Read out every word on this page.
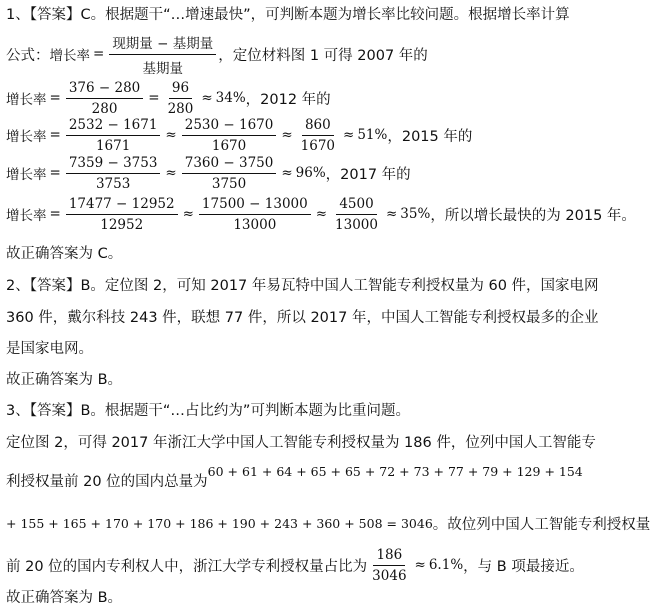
1、【答案】C。根据题干“…增速最快”，可判断本题为增长率比较问题。根据增长率计算
公式： 增长率 = $\frac{\text{现期量 − 基期量}}{\text{基期量}}$ ，定位材料图 1 可得 2007 年的
增长率 = $\frac{376 - 280}{280} = \frac{96}{280} \approx 34\%$ ，2012 年的
增长率 = $\frac{2532 - 1671}{1671} \approx \frac{2530 - 1670}{1670} \approx \frac{860}{1670} \approx 51\%$ ，2015 年的
增长率 = $\frac{7359 - 3753}{3753} \approx \frac{7360 - 3750}{3750} \approx 96\%$ ，2017 年的
增长率 = $\frac{17477 - 12952}{12952} \approx \frac{17500 - 13000}{13000} \approx \frac{4500}{13000} \approx 35\%$ ，所以增长最快的为 2015 年。
故正确答案为 C。
2、【答案】B。定位图 2，可知 2017 年易瓦特中国人工智能专利授权量为 60 件，国家电网
360 件，戴尔科技 243 件，联想 77 件，所以 2017 年，中国人工智能专利授权最多的企业
是国家电网。
故正确答案为 B。
3、【答案】B。根据题干“…占比约为”可判断本题为比重问题。
定位图 2，可得 2017 年浙江大学中国人工智能专利授权量为 186 件，位列中国人工智能专
利授权量前 20 位的国内总量为
60 + 61 + 64 + 65 + 65 + 72 + 73 + 77 + 79 + 129 + 154
+ 155 + 165 + 170 + 170 + 186 + 190 + 243 + 360 + 508 = 3046 。故位列中国人工智能专利授权量
前 20 位的国内专利权人中，浙江大学专利授权量占比为 $\frac{186}{3046} \approx 6.1\%$ ，与 B 项最接近。
故正确答案为 B。
